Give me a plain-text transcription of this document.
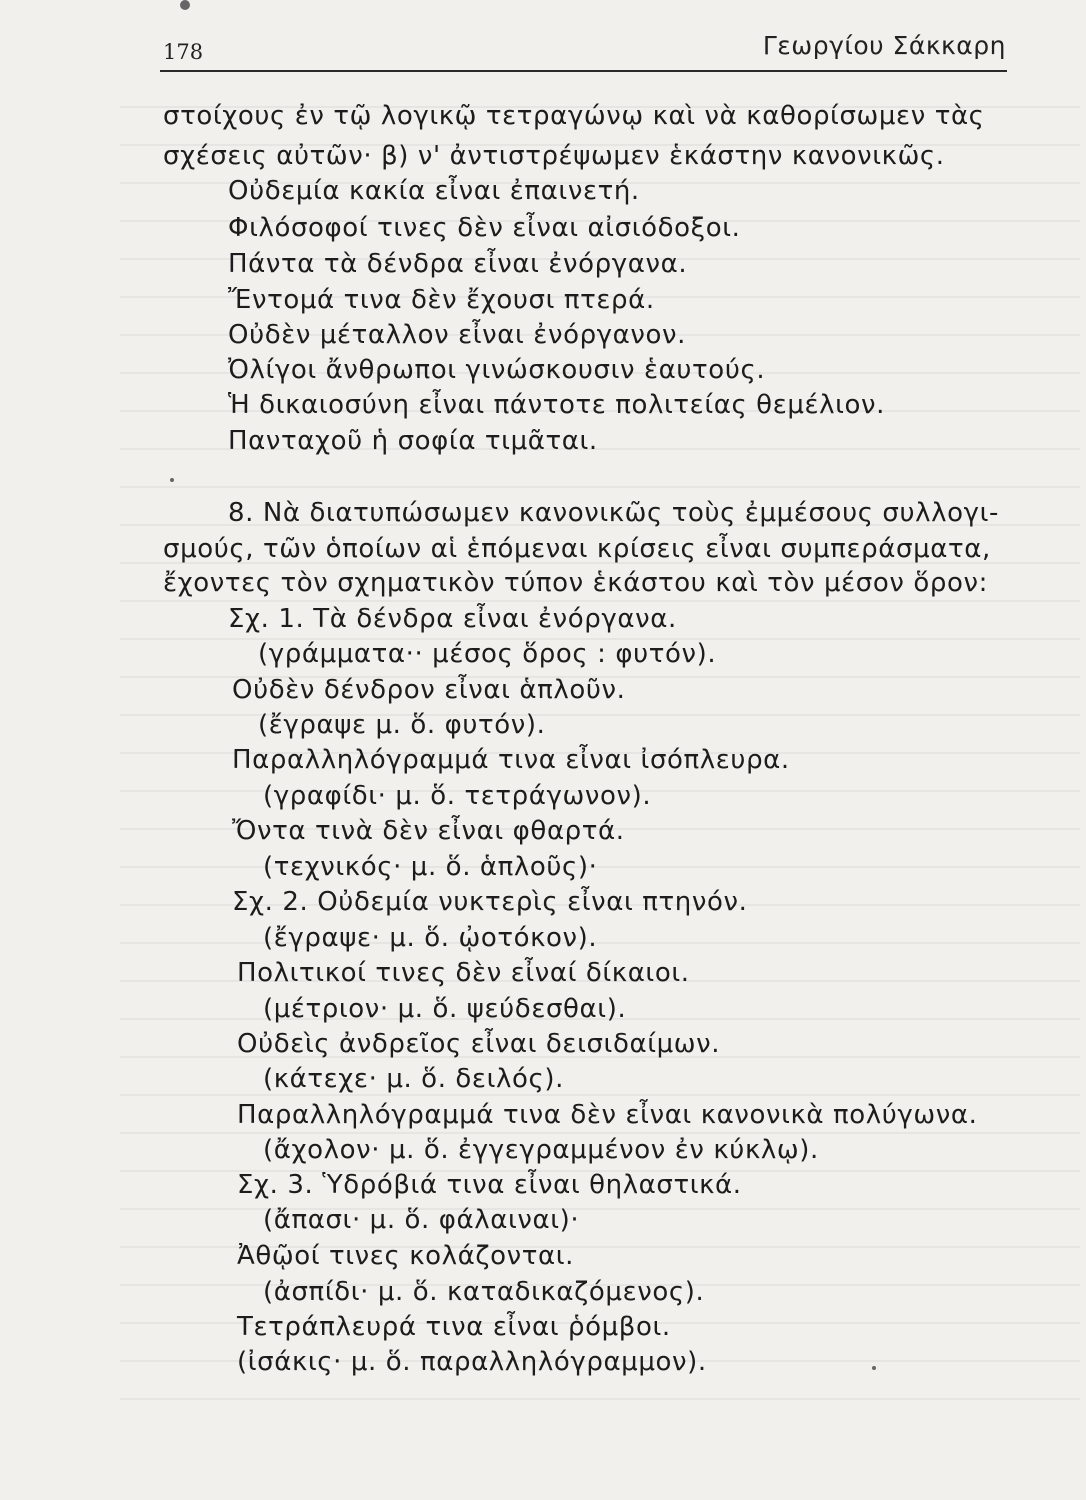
178	Γεωργίου Σάκκαρη
στοίχους ἐν τῷ λογικῷ τετραγώνῳ καὶ νὰ καθορίσωμεν τὰς
σχέσεις αὐτῶν· β) ν' ἀντιστρέψωμεν ἑκάστην κανονικῶς.
Οὐδεμία κακία εἶναι ἐπαινετή.
Φιλόσοφοί τινες δὲν εἶναι αἰσιόδοξοι.
Πάντα τὰ δένδρα εἶναι ἐνόργανα.
Ἔντομά τινα δὲν ἔχουσι πτερά.
Οὐδὲν μέταλλον εἶναι ἐνόργανον.
Ὀλίγοι ἄνθρωποι γινώσκουσιν ἑαυτούς.
Ἡ δικαιοσύνη εἶναι πάντοτε πολιτείας θεμέλιον.
Πανταχοῦ ἡ σοφία τιμᾶται.
8. Νὰ διατυπώσωμεν κανονικῶς τοὺς ἐμμέσους συλλογι-
σμούς, τῶν ὁποίων αἱ ἑπόμεναι κρίσεις εἶναι συμπεράσματα,
ἔχοντες τὸν σχηματικὸν τύπον ἑκάστου καὶ τὸν μέσον ὅρον:
Σχ. 1. Τὰ δένδρα εἶναι ἐνόργανα.
(γράμματα·· μέσος ὅρος : φυτόν).
Οὐδὲν δένδρον εἶναι ἁπλοῦν.
(ἔγραψε μ. ὅ. φυτόν).
Παραλληλόγραμμά τινα εἶναι ἰσόπλευρα.
(γραφίδι· μ. ὅ. τετράγωνον).
Ὄντα τινὰ δὲν εἶναι φθαρτά.
(τεχνικός· μ. ὅ. ἁπλοῦς)·
Σχ. 2. Οὐδεμία νυκτερὶς εἶναι πτηνόν.
(ἔγραψε· μ. ὅ. ᾠοτόκον).
Πολιτικοί τινες δὲν εἶναί δίκαιοι.
(μέτριον· μ. ὅ. ψεύδεσθαι).
Οὐδεὶς ἀνδρεῖος εἶναι δεισιδαίμων.
(κάτεχε· μ. ὅ. δειλός).
Παραλληλόγραμμά τινα δὲν εἶναι κανονικὰ πολύγωνα.
(ἄχολον· μ. ὅ. ἐγγεγραμμένον ἐν κύκλῳ).
Σχ. 3. Ὑδρόβιά τινα εἶναι θηλαστικά.
(ἄπασι· μ. ὅ. φάλαιναι)·
Ἀθῷοί τινες κολάζονται.
(ἀσπίδι· μ. ὅ. καταδικαζόμενος).
Τετράπλευρά τινα εἶναι ῥόμβοι.
(ἰσάκις· μ. ὅ. παραλληλόγραμμον).
